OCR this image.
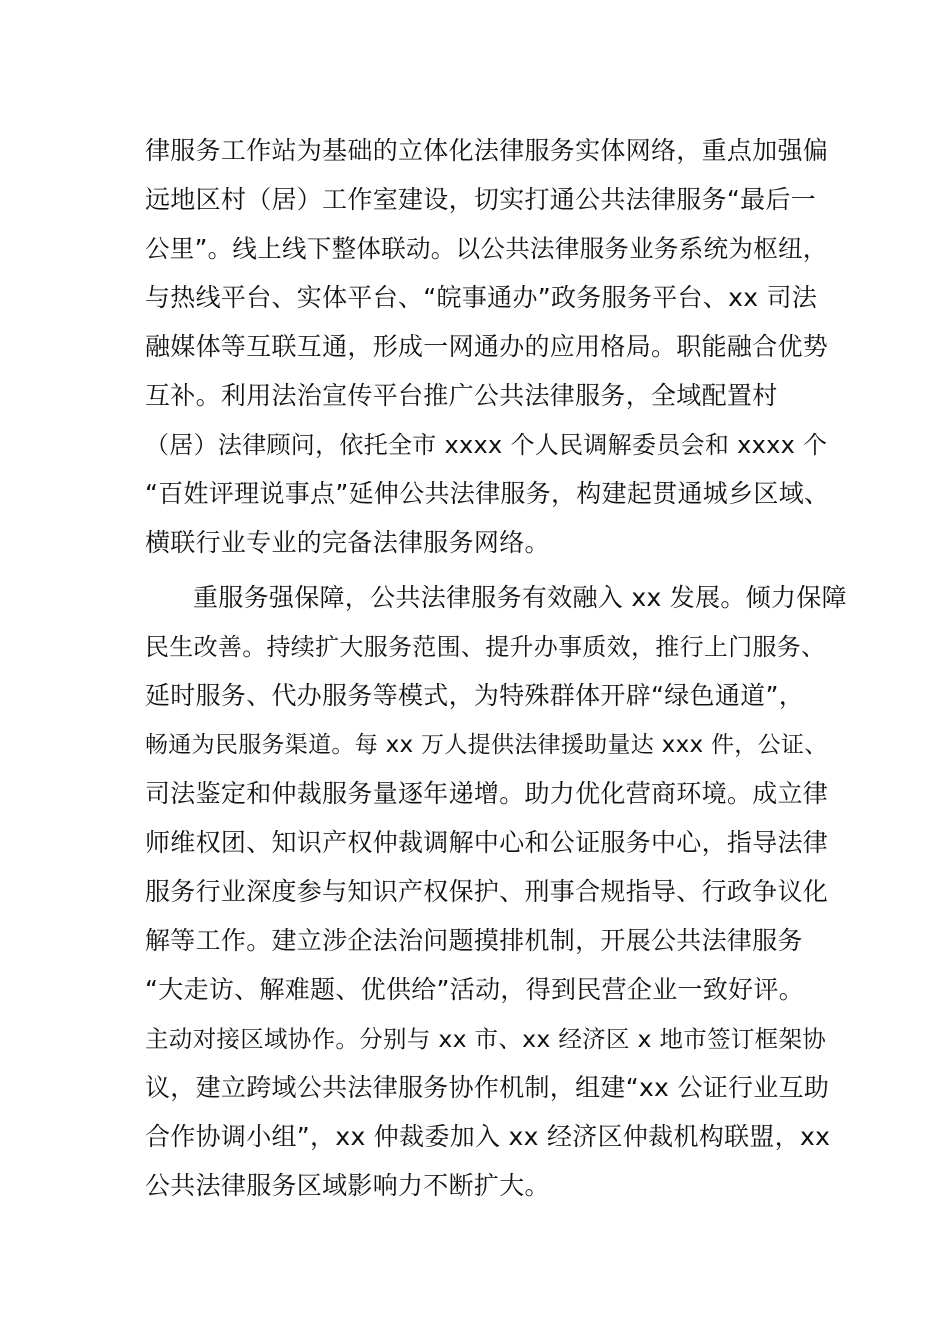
律服务工作站为基础的立体化法律服务实体网络，重点加强偏
远地区村（居）工作室建设，切实打通公共法律服务“最后一
公里”。线上线下整体联动。以公共法律服务业务系统为枢纽，
与热线平台、实体平台、“皖事通办”政务服务平台、xx 司法
融媒体等互联互通，形成一网通办的应用格局。职能融合优势
互补。利用法治宣传平台推广公共法律服务，全域配置村
（居）法律顾问，依托全市 xxxx 个人民调解委员会和 xxxx 个
“百姓评理说事点”延伸公共法律服务，构建起贯通城乡区域、
横联行业专业的完备法律服务网络。
重服务强保障，公共法律服务有效融入 xx 发展。倾力保障
民生改善。持续扩大服务范围、提升办事质效，推行上门服务、
延时服务、代办服务等模式，为特殊群体开辟“绿色通道”，
畅通为民服务渠道。每 xx 万人提供法律援助量达 xxx 件，公证、
司法鉴定和仲裁服务量逐年递增。助力优化营商环境。成立律
师维权团、知识产权仲裁调解中心和公证服务中心，指导法律
服务行业深度参与知识产权保护、刑事合规指导、行政争议化
解等工作。建立涉企法治问题摸排机制，开展公共法律服务
“大走访、解难题、优供给”活动，得到民营企业一致好评。
主动对接区域协作。分别与 xx 市、xx 经济区 x 地市签订框架协
议，建立跨域公共法律服务协作机制，组建“xx 公证行业互助
合作协调小组”，xx 仲裁委加入 xx 经济区仲裁机构联盟，xx
公共法律服务区域影响力不断扩大。
